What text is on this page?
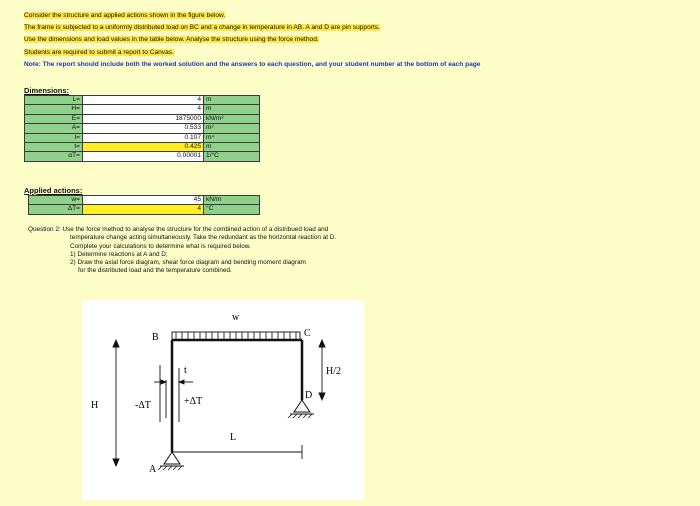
Consider the structure and applied actions shown in the figure below.
The frame is subjected to a uniformly distributed load on BC and a change in temperature in AB. A and D are pin supports.
Use the dimensions and load values in the table below. Analyse the structure using the force method.
Students are required to submit a report to Canvas.
Note: The report should include both the worked solution and the answers to each question, and your student number at the bottom of each page
Dimensions:
L=	4	m
H=	4	m
E=	1875000	kN/m²
A=	0.533	m²
I=	0.107	m⁴
t=	0.425	m
αT=	0.00001	1/°C
Applied actions:
w=	45	kN/m
ΔT=	4	°C
Question 2: Use the force method to analyse the structure for the combined action of a distribued load and
temperature change acting simultaneously. Take the redundant as the horizontal reaction at D.
Complete your calculations to determine what is required below.
1) Determine reactions at A and D;
2) Draw the axial force diagram, shear force diagram and bending moment diagram
for the distributed load and the temperature combined.
w
H
H/2
L
t
-ΔT	+ΔT
B	C
D
A
